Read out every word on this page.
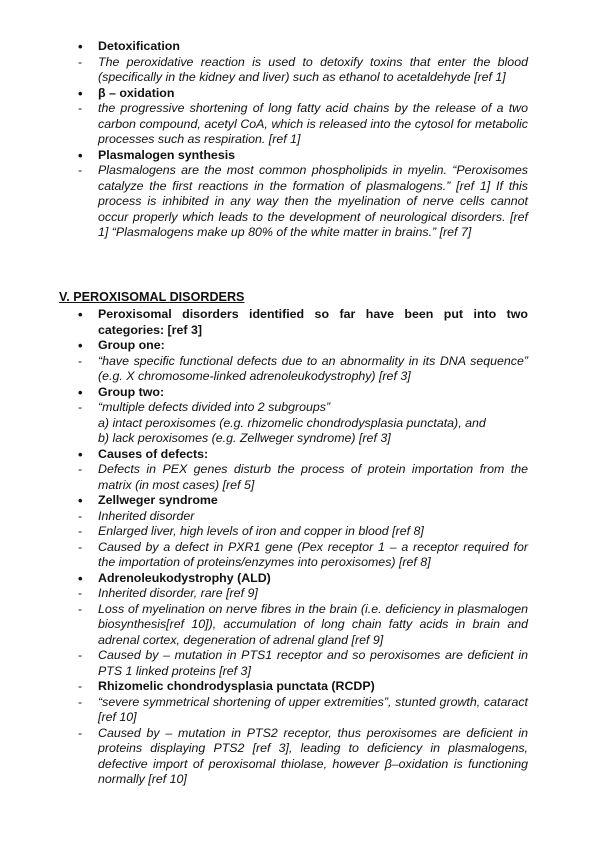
• Detoxification
- The peroxidative reaction is used to detoxify toxins that enter the blood (specifically in the kidney and liver) such as ethanol to acetaldehyde [ref 1]
• β – oxidation
- the progressive shortening of long fatty acid chains by the release of a two carbon compound, acetyl CoA, which is released into the cytosol for metabolic processes such as respiration. [ref 1]
• Plasmalogen synthesis
- Plasmalogens are the most common phospholipids in myelin. “Peroxisomes catalyze the first reactions in the formation of plasmalogens.” [ref 1] If this process is inhibited in any way then the myelination of nerve cells cannot occur properly which leads to the development of neurological disorders. [ref 1] “Plasmalogens make up 80% of the white matter in brains.” [ref 7]
V. PEROXISOMAL DISORDERS
• Peroxisomal disorders identified so far have been put into two categories: [ref 3]
• Group one:
- “have specific functional defects due to an abnormality in its DNA sequence” (e.g. X chromosome-linked adrenoleukodystrophy) [ref 3]
• Group two:
- “multiple defects divided into 2 subgroups”
a) intact peroxisomes (e.g. rhizomelic chondrodysplasia punctata), and
b) lack peroxisomes (e.g. Zellweger syndrome) [ref 3]
• Causes of defects:
- Defects in PEX genes disturb the process of protein importation from the matrix (in most cases) [ref 5]
• Zellweger syndrome
- Inherited disorder
- Enlarged liver, high levels of iron and copper in blood [ref 8]
- Caused by a defect in PXR1 gene (Pex receptor 1 – a receptor required for the importation of proteins/enzymes into peroxisomes) [ref 8]
• Adrenoleukodystrophy (ALD)
- Inherited disorder, rare [ref 9]
- Loss of myelination on nerve fibres in the brain (i.e. deficiency in plasmalogen biosynthesis[ref 10]), accumulation of long chain fatty acids in brain and adrenal cortex, degeneration of adrenal gland [ref 9]
- Caused by – mutation in PTS1 receptor and so peroxisomes are deficient in PTS 1 linked proteins [ref 3]
- Rhizomelic chondrodysplasia punctata (RCDP)
- “severe symmetrical shortening of upper extremities”, stunted growth, cataract [ref 10]
- Caused by – mutation in PTS2 receptor, thus peroxisomes are deficient in proteins displaying PTS2 [ref 3], leading to deficiency in plasmalogens, defective import of peroxisomal thiolase, however β–oxidation is functioning normally [ref 10]
